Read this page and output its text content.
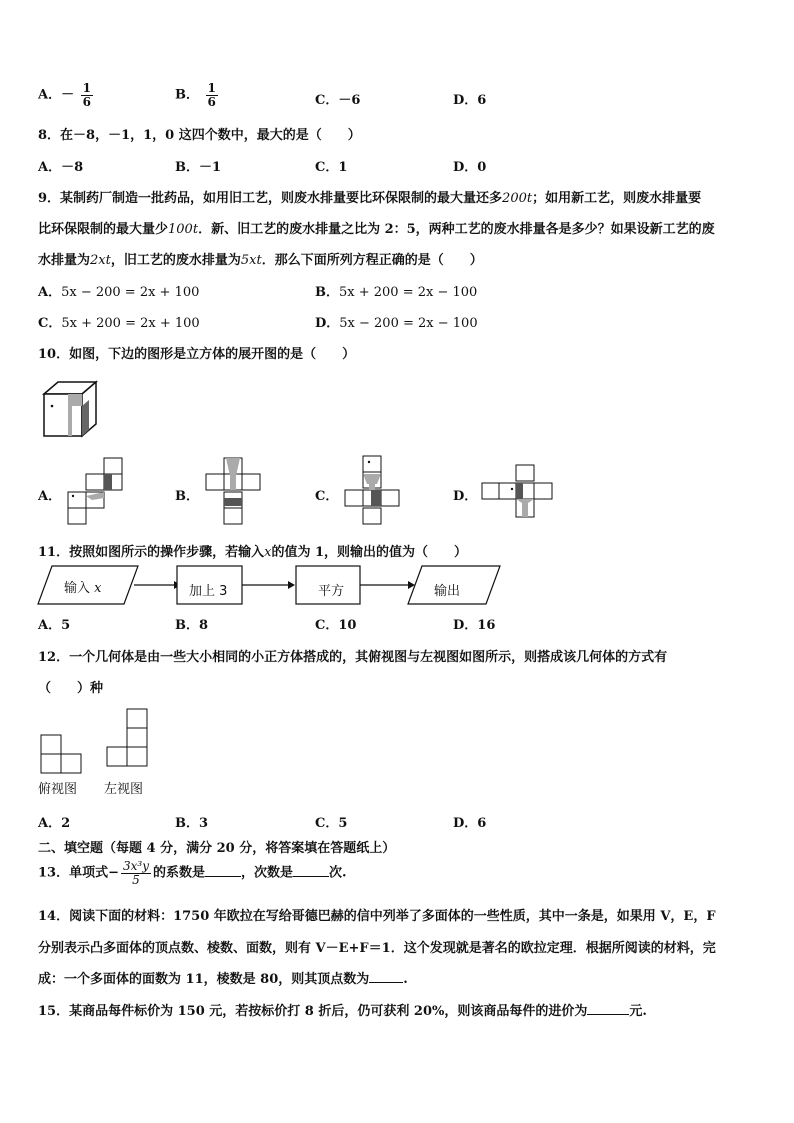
A．－ $\frac{1}{6}$	B． $\frac{1}{6}$	C．－6	D．6
8．在－8，－1，1，0 这四个数中，最大的是（　　）
A．－8	B．－1	C．1	D．0
9．某制药厂制造一批药品，如用旧工艺，则废水排量要比环保限制的最大量还多200t；如用新工艺，则废水排量要
比环保限制的最大量少100t．新、旧工艺的废水排量之比为 2：5，两种工艺的废水排量各是多少？如果设新工艺的废
水排量为2xt，旧工艺的废水排量为5xt．那么下面所列方程正确的是（　　）
A．5x − 200 = 2x + 100	B．5x + 200 = 2x − 100
C．5x + 200 = 2x + 100	D．5x − 200 = 2x − 100
10．如图，下边的图形是立方体的展开图的是（　　）
A．	B．	C．	D．
11．按照如图所示的操作步骤，若输入x的值为 1，则输出的值为（　　）
输入 x	加上 3	平方	输出
A．5	B．8	C．10	D．16
12．一个几何体是由一些大小相同的小正方体搭成的，其俯视图与左视图如图所示，则搭成该几何体的方式有
（　　）种
俯视图 左视图
A．2	B．3	C．5	D．6
二、填空题（每题 4 分，满分 20 分，将答案填在答题纸上）
13．单项式− $\frac{\text{3x³y}}{5}$ 的系数是	，次数是	次.
14．阅读下面的材料：1750 年欧拉在写给哥德巴赫的信中列举了多面体的一些性质，其中一条是，如果用 V，E，F
分别表示凸多面体的顶点数、棱数、面数，则有 V－E+F＝1．这个发现就是著名的欧拉定理．根据所阅读的材料，完
成：一个多面体的面数为 11，棱数是 80，则其顶点数为	.
15．某商品每件标价为 150 元，若按标价打 8 折后，仍可获利 20%，则该商品每件的进价为	元.
